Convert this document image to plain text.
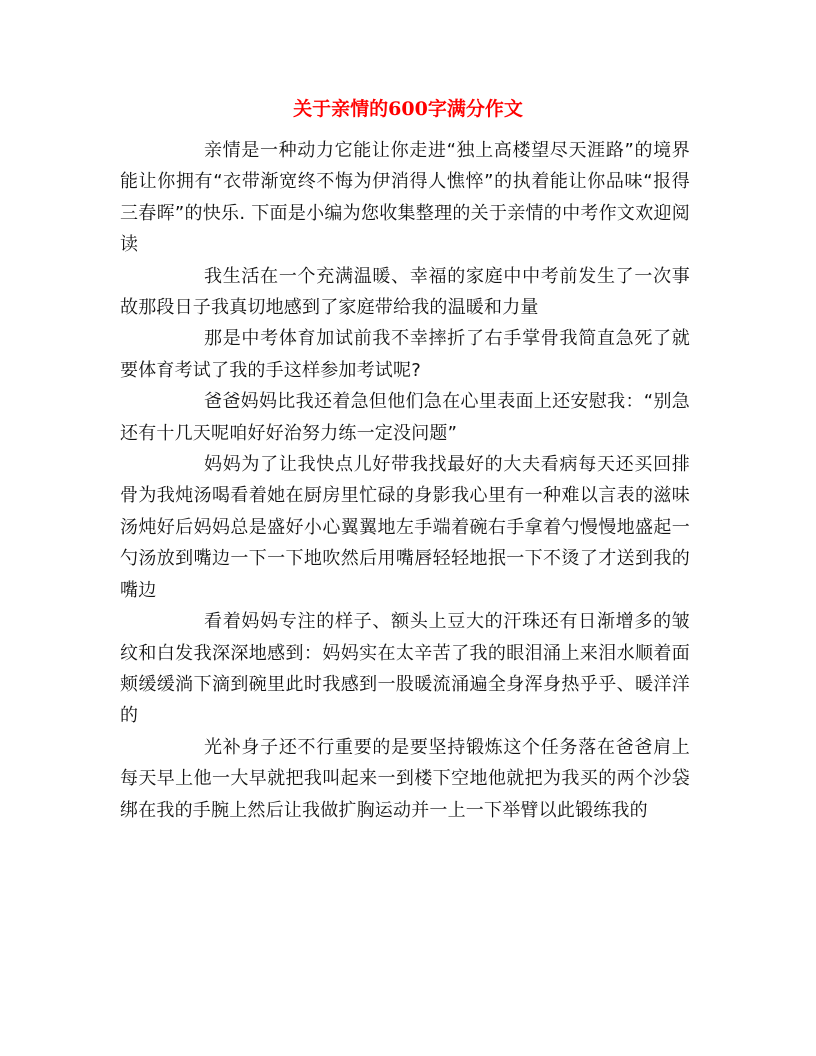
关于亲情的600字满分作文

亲情是一种动力它能让你走进“独上高楼望尽天涯路”的境界能让你拥有“衣带渐宽终不悔为伊消得人憔悴”的执着能让你品味“报得三春晖”的快乐. 下面是小编为您收集整理的关于亲情的中考作文欢迎阅读

我生活在一个充满温暖、幸福的家庭中中考前发生了一次事故那段日子我真切地感到了家庭带给我的温暖和力量

那是中考体育加试前我不幸摔折了右手掌骨我简直急死了就要体育考试了我的手这样参加考试呢?

爸爸妈妈比我还着急但他们急在心里表面上还安慰我：“别急还有十几天呢咱好好治努力练一定没问题”

妈妈为了让我快点儿好带我找最好的大夫看病每天还买回排骨为我炖汤喝看着她在厨房里忙碌的身影我心里有一种难以言表的滋味汤炖好后妈妈总是盛好小心翼翼地左手端着碗右手拿着勺慢慢地盛起一勺汤放到嘴边一下一下地吹然后用嘴唇轻轻地抿一下不烫了才送到我的嘴边

看着妈妈专注的样子、额头上豆大的汗珠还有日渐增多的皱纹和白发我深深地感到：妈妈实在太辛苦了我的眼泪涌上来泪水顺着面颊缓缓淌下滴到碗里此时我感到一股暖流涌遍全身浑身热乎乎、暖洋洋的

光补身子还不行重要的是要坚持锻炼这个任务落在爸爸肩上每天早上他一大早就把我叫起来一到楼下空地他就把为我买的两个沙袋绑在我的手腕上然后让我做扩胸运动并一上一下举臂以此锻练我的
